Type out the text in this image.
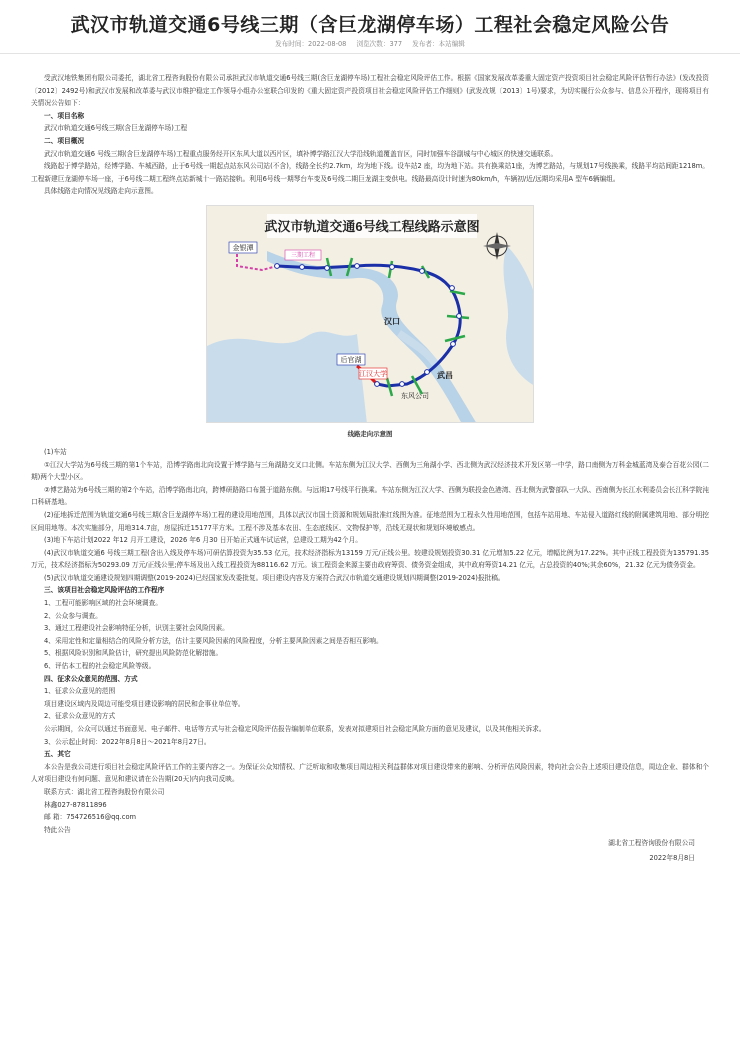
武汉市轨道交通6号线三期（含巨龙湖停车场）工程社会稳定风险公告
发布时间：2022-08-08 浏览次数：377 发布者：本站编辑

受武汉地铁集团有限公司委托，湖北省工程咨询股份有限公司承担武汉市轨道交通6号线三期(含巨龙湖停车场)工程社会稳定风险评估工作。根据《国家发展改革委重大固定资产投资项目社会稳定风险评估暂行办法》(发改投资〔2012〕2492号)和武汉市发展和改革委与武汉市维护稳定工作领导小组办公室联合印发的《重大固定资产投资项目社会稳定风险评估工作细则》(武发改规〔2013〕1号)要求，为切实履行公众参与、信息公开程序，现将项目有关情况公告如下：

一、项目名称

武汉市轨道交通6号线三期(含巨龙湖停车场)工程

二、项目概况

武汉市轨道交通6 号线三期(含巨龙湖停车场)工程重点服务经开区东风大道以西片区，填补博学路江汉大学沿线轨道覆盖盲区，同时加强车谷副城与中心城区的快速交通联系。

线路起于博学路站，经博学路、车城西路，止于6号线一期起点站东风公司站(不含)，线路全长约2.7km，均为地下线。设车站2 座，均为地下站。共有换乘站1座，为博艺路站，与规划17号线换乘，线路平均站间距1218m。工程新建巨龙湖停车场一座，于6号线二期工程终点站新城十一路站接轨。利用6号线一期琴台车变及6号线二期巨龙湖主变供电。线路最高设计时速为80km/h，车辆初/近/远期均采用A 型车6辆编组。

具体线路走向情况见线路走向示意图。

武汉市轨道交通6号线工程线路示意图
金银潭
汉口
武昌
后官湖
江汉大学
东风公司
三期工程
线路走向示意图

(1)车站

①江汉大学站为6号线三期的第1个车站，沿博学路南北向设置于博学路与三角湖路交叉口北侧。车站东侧为江汉大学、西侧为三角湖小学、西北侧为武汉经济技术开发区第一中学，路口南侧为万科金城蓝湾及泰合百花公园(二期)两个大型小区。

②博艺路站为6号线三期的第2个车站，沿博学路南北向，跨博研路路口布置于道路东侧。与远期17号线平行换乘。车站东侧为江汉大学、西侧为联投金色港湾、西北侧为武警部队一大队、西南侧为长江水利委员会长江科学院沌口科研基地。

(2)征地拆迁范围为轨道交通6号线三期(含巨龙湖停车场)工程的建设用地范围，具体以武汉市国土资源和规划局批准红线图为准。征地范围为工程永久性用地范围，包括车站用地、车站侵入道路红线的附属建筑用地、部分明挖区间用地等。本次实施部分，用地314.7亩，房屋拆迁15177平方米。工程不涉及基本农田、生态底线区、文物保护等，沿线无现状和规划环境敏感点。

(3)地下车站计划2022 年12 月开工建设，2026 年6 月30 日开始正式通车试运营，总建设工期为42个月。

(4)武汉市轨道交通6 号线三期工程(含出入线及停车场)可研估算投资为35.53 亿元，技术经济指标为13159 万元/正线公里。较建设规划投资30.31 亿元增加5.22 亿元，增幅比例为17.22%。其中正线工程投资为135791.35 万元，技术经济指标为50293.09 万元/正线公里;停车场及出入线工程投资为88116.62 万元。该工程资金来源主要由政府筹资、债务资金组成，其中政府筹资14.21 亿元，占总投资的40%;其余60%，21.32 亿元为债务资金。

(5)武汉市轨道交通建设规划四期调整(2019-2024)已经国家发改委批复。项目建设内容及方案符合武汉市轨道交通建设规划四期调整(2019-2024)报批稿。

三、该项目社会稳定风险评估的工作程序

1、工程可能影响区域的社会环境调查。

2、公众参与调查。

3、通过工程建设社会影响特征分析，识别主要社会风险因素。

4、采用定性和定量相结合的风险分析方法，估计主要风险因素的风险程度，分析主要风险因素之间是否相互影响。

5、根据风险识别和风险估计，研究提出风险防范化解措施。

6、评估本工程的社会稳定风险等级。

四、征求公众意见的范围、方式

1、征求公众意见的范围

项目建设区域内及周边可能受项目建设影响的居民和企事业单位等。

2、征求公众意见的方式

公示期间，公众可以通过书面意见、电子邮件、电话等方式与社会稳定风险评估报告编制单位联系，发表对拟建项目社会稳定风险方面的意见及建议，以及其他相关诉求。

3、公示起止时间：2022年8月8日～2021年8月27日。

五、其它

本公告是我公司进行项目社会稳定风险评估工作的主要内容之一。为保证公众知情权、广泛听取和收集项目周边相关利益群体对项目建设带来的影响、分析评估风险因素，特向社会公告上述项目建设信息，周边企业、群体和个人对项目建设有何问题、意见和建议请在公告期(20天)内向我司反映。

联系方式：湖北省工程咨询股份有限公司

林鑫027-87811896

邮 箱：754726516@qq.com

特此公告

湖北省工程咨询股份有限公司
2022年8月8日
